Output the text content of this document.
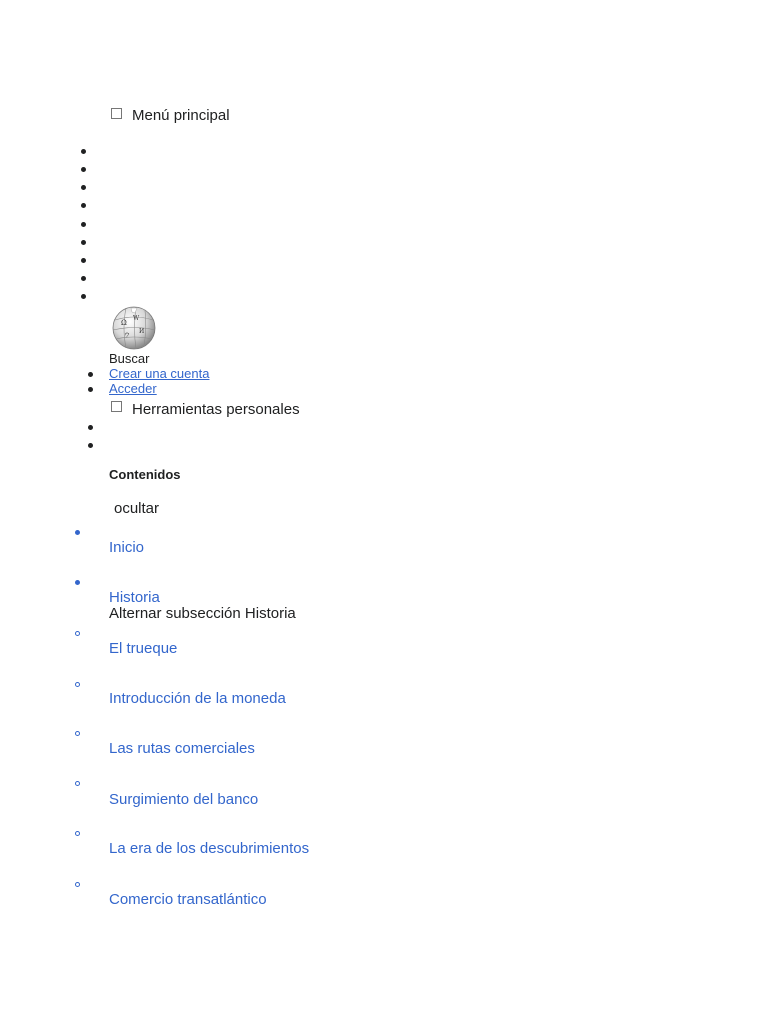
Menú principal
Ω
W
И
ウ
Buscar
Crear una cuenta
Acceder
Herramientas personales
Contenidos
ocultar
Inicio
Historia
Alternar subsección Historia
El trueque
Introducción de la moneda
Las rutas comerciales
Surgimiento del banco
La era de los descubrimientos
Comercio transatlántico
